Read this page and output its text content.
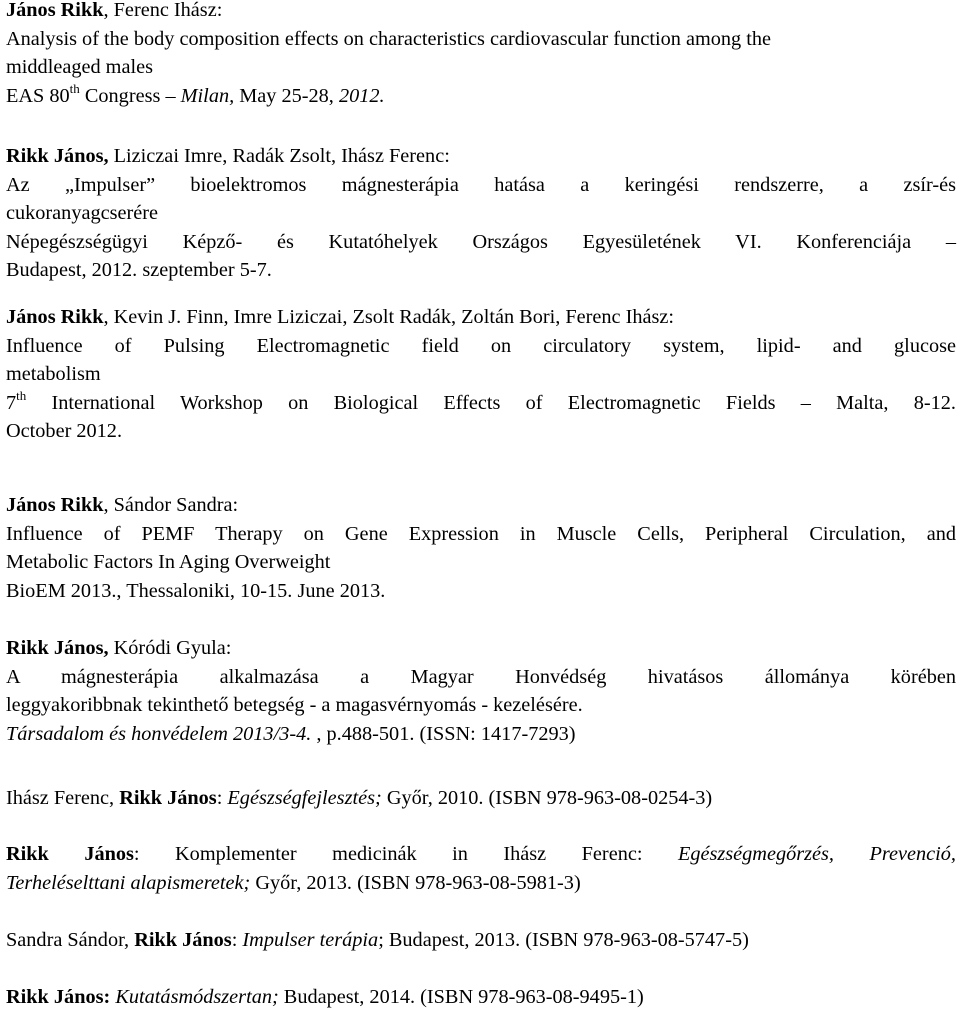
János Rikk, Ferenc Ihász:
Analysis of the body composition effects on characteristics cardiovascular function among the
middleaged males
EAS 80th Congress – Milan, May 25-28, 2012.
Rikk János, Liziczai Imre, Radák Zsolt, Ihász Ferenc:
Az „Impulser” bioelektromos mágnesterápia hatása a keringési rendszerre, a zsír-és
cukoranyagcserére
Népegészségügyi Képző- és Kutatóhelyek Országos Egyesületének VI. Konferenciája –
Budapest, 2012. szeptember 5-7.
János Rikk, Kevin J. Finn, Imre Liziczai, Zsolt Radák, Zoltán Bori, Ferenc Ihász:
Influence of Pulsing Electromagnetic field on circulatory system, lipid- and glucose
metabolism
7th International Workshop on Biological Effects of Electromagnetic Fields – Malta, 8-12.
October 2012.
János Rikk, Sándor Sandra:
Influence of PEMF Therapy on Gene Expression in Muscle Cells, Peripheral Circulation, and
Metabolic Factors In Aging Overweight
BioEM 2013., Thessaloniki, 10-15. June 2013.
Rikk János, Kóródi Gyula:
A mágnesterápia alkalmazása a Magyar Honvédség hivatásos állománya körében
leggyakoribbnak tekinthető betegség - a magasvérnyomás - kezelésére.
Társadalom és honvédelem 2013/3-4. , p.488-501. (ISSN: 1417-7293)
Ihász Ferenc, Rikk János: Egészségfejlesztés; Győr, 2010. (ISBN 978-963-08-0254-3)
Rikk János: Komplementer medicinák in Ihász Ferenc: Egészségmegőrzés, Prevenció,
Terheléselttani alapismeretek; Győr, 2013. (ISBN 978-963-08-5981-3)
Sandra Sándor, Rikk János: Impulser terápia; Budapest, 2013. (ISBN 978-963-08-5747-5)
Rikk János: Kutatásmódszertan; Budapest, 2014. (ISBN 978-963-08-9495-1)
